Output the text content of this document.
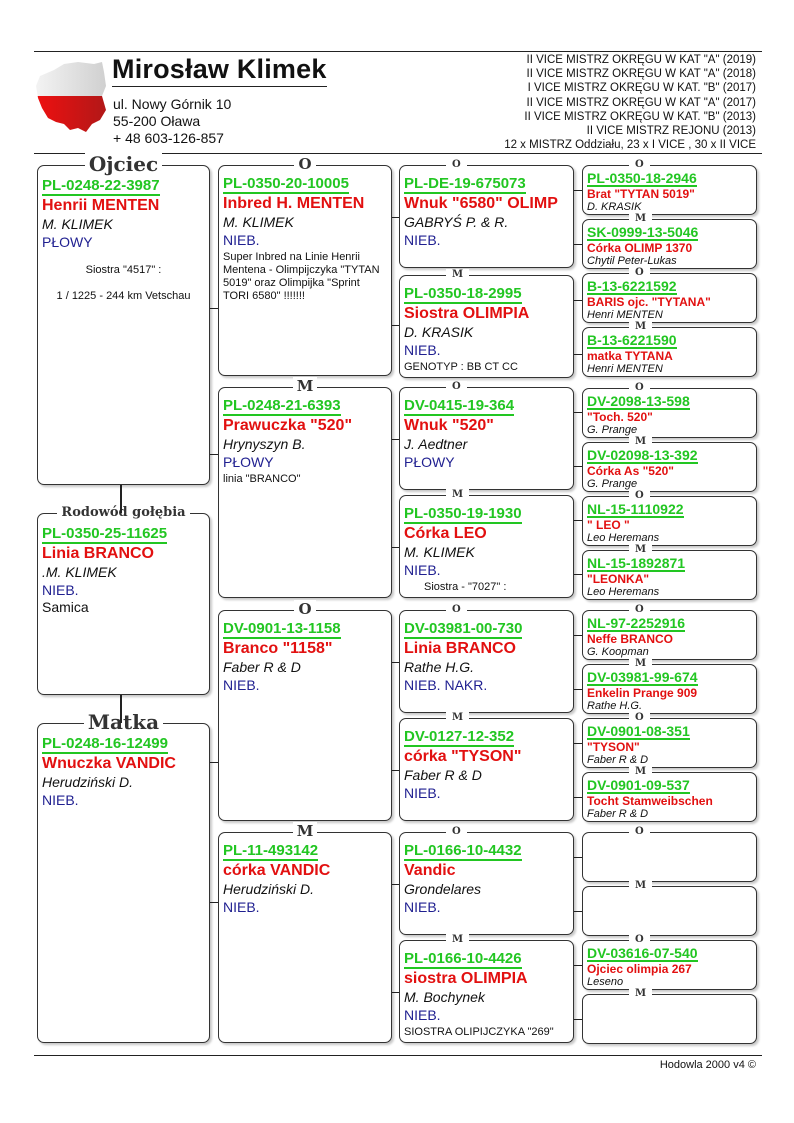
Mirosław Klimek
ul. Nowy Górnik 10
55-200 Oława
+ 48 603-126-857
II VICE MISTRZ OKRĘGU W KAT "A" (2019)
II VICE MISTRZ OKRĘGU W KAT "A" (2018)
I VICE MISTRZ OKRĘGU W KAT. "B" (2017)
II VICE MISTRZ OKRĘGU W KAT "A" (2017)
II VICE MISTRZ OKRĘGU W KAT. "B" (2013)
II VICE MISTRZ REJONU (2013)
12 x MISTRZ Oddziału, 23 x I VICE , 30 x II VICE
Ojciec
PL-0248-22-3987
Henrii MENTEN
M. KLIMEK
PŁOWY
Siostra "4517" :
1 / 1225 - 244 km Vetschau
Rodowód gołębia
PL-0350-25-11625
Linia BRANCO
.M. KLIMEK
NIEB.
Samica
Matka
PL-0248-16-12499
Wnuczka VANDIC
Herudziński D.
NIEB.
O
PL-0350-20-10005
Inbred H. MENTEN
M. KLIMEK
NIEB.
Super Inbred na Linie Henrii Mentena - Olimpijczyka "TYTAN 5019" oraz Olimpijka "Sprint TORI 6580" !!!!!!!
M
PL-0248-21-6393
Prawuczka "520"
Hrynyszyn B.
PŁOWY
linia "BRANCO"
O
DV-0901-13-1158
Branco "1158"
Faber R & D
NIEB.
M
PL-11-493142
córka VANDIC
Herudziński D.
NIEB.
O
PL-DE-19-675073
Wnuk "6580" OLIMP
GABRYŚ P. & R.
NIEB.
M
PL-0350-18-2995
Siostra OLIMPIA
D. KRASIK
NIEB.
GENOTYP : BB CT CC
O
DV-0415-19-364
Wnuk "520"
J. Aedtner
PŁOWY
M
PL-0350-19-1930
Córka LEO
M. KLIMEK
NIEB.
Siostra - "7027" :
O
DV-03981-00-730
Linia BRANCO
Rathe H.G.
NIEB. NAKR.
M
DV-0127-12-352
córka "TYSON"
Faber R & D
NIEB.
O
PL-0166-10-4432
Vandic
Grondelares
NIEB.
M
PL-0166-10-4426
siostra OLIMPIA
M. Bochynek
NIEB.
SIOSTRA OLIPIJCZYKA "269"
O
PL-0350-18-2946
Brat "TYTAN 5019"
D. KRASIK
M
SK-0999-13-5046
Córka OLIMP 1370
Chytil Peter-Lukas
O
B-13-6221592
BARIS ojc. "TYTANA"
Henri MENTEN
M
B-13-6221590
matka TYTANA
Henri MENTEN
O
DV-2098-13-598
"Toch. 520"
G. Prange
M
DV-02098-13-392
Córka As "520"
G. Prange
O
NL-15-1110922
" LEO "
Leo Heremans
M
NL-15-1892871
"LEONKA"
Leo Heremans
O
NL-97-2252916
Neffe BRANCO
G. Koopman
M
DV-03981-99-674
Enkelin Prange 909
Rathe H.G.
O
DV-0901-08-351
"TYSON"
Faber R & D
M
DV-0901-09-537
Tocht Stamweibschen
Faber R & D
O
M
O
DV-03616-07-540
Ojciec olimpia 267
Leseno
M
Hodowla 2000 v4 ©
